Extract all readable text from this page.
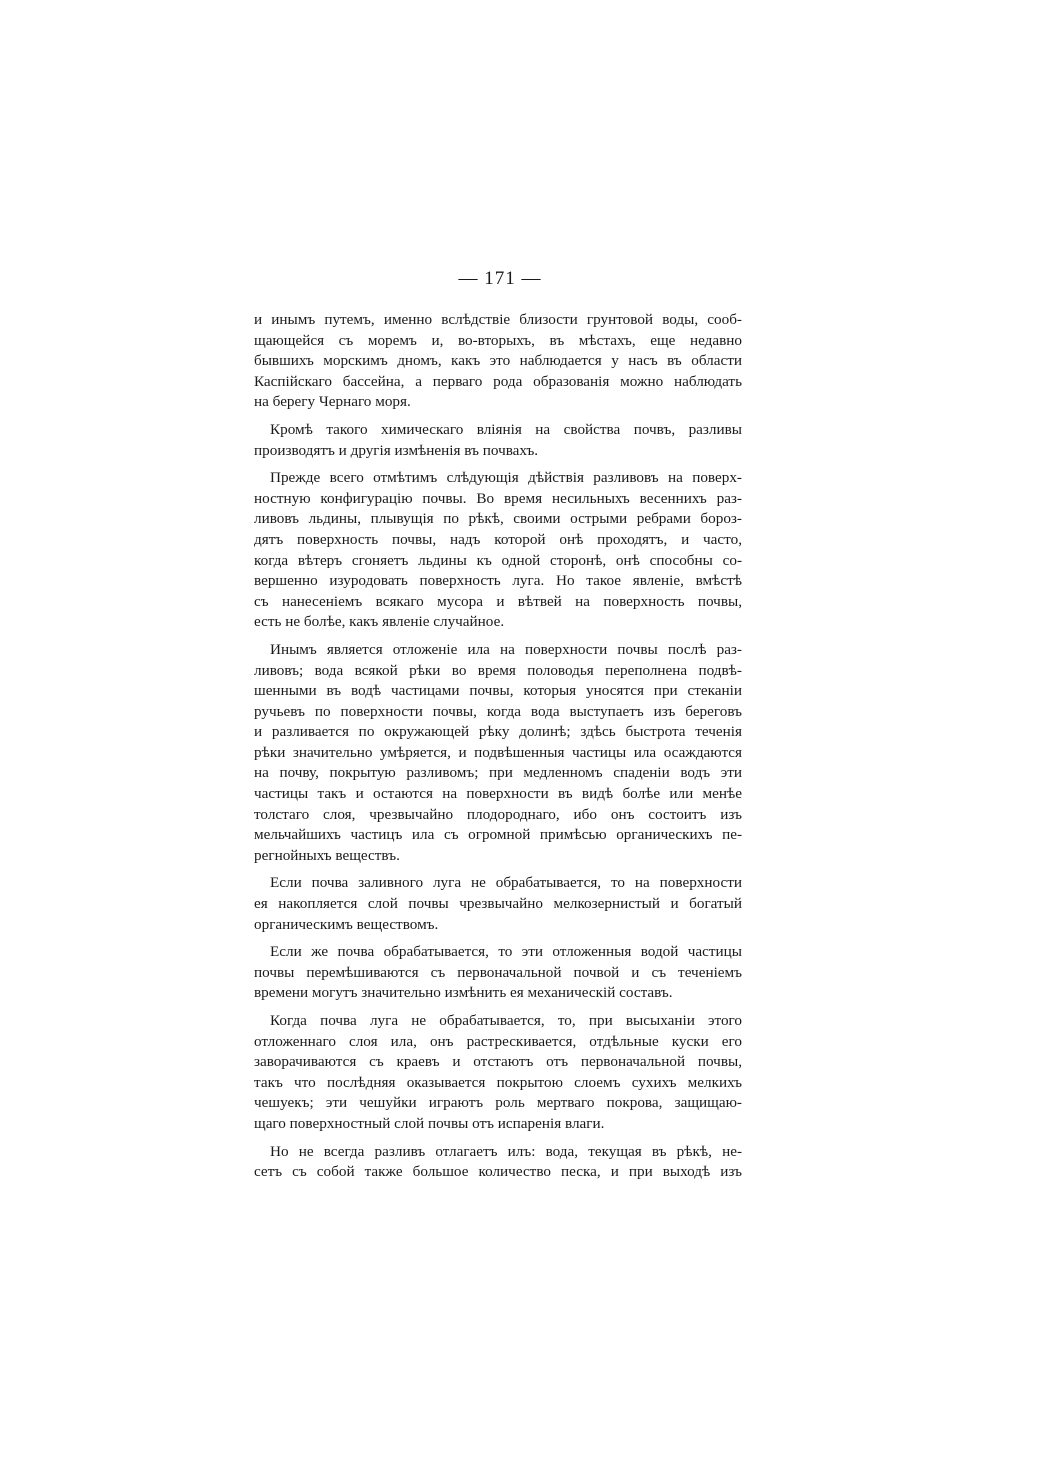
— 171 —
и инымъ путемъ, именно вслѣдствіе близости грунтовой воды, сооб-
щающейся съ моремъ и, во-вторыхъ, въ мѣстахъ, еще недавно
бывшихъ морскимъ дномъ, какъ это наблюдается у насъ въ области
Каспійскаго бассейна, а перваго рода образованія можно наблюдать
на берегу Чернаго моря.
Кромѣ такого химическаго вліянія на свойства почвъ, разливы
производятъ и другія измѣненія въ почвахъ.
Прежде всего отмѣтимъ слѣдующія дѣйствія разливовъ на поверх-
ностную конфигурацію почвы. Во время несильныхъ весеннихъ раз-
ливовъ льдины, плывущія по рѣкѣ, своими острыми ребрами бороз-
дятъ поверхность почвы, надъ которой онѣ проходятъ, и часто,
когда вѣтеръ сгоняетъ льдины къ одной сторонѣ, онѣ способны со-
вершенно изуродовать поверхность луга. Но такое явленіе, вмѣстѣ
съ нанесеніемъ всякаго мусора и вѣтвей на поверхность почвы,
есть не болѣе, какъ явленіе случайное.
Инымъ является отложеніе ила на поверхности почвы послѣ раз-
ливовъ; вода всякой рѣки во время половодья переполнена подвѣ-
шенными въ водѣ частицами почвы, которыя уносятся при стеканіи
ручьевъ по поверхности почвы, когда вода выступаетъ изъ береговъ
и разливается по окружающей рѣку долинѣ; здѣсь быстрота теченія
рѣки значительно умѣряется, и подвѣшенныя частицы ила осаждаются
на почву, покрытую разливомъ; при медленномъ спаденіи водъ эти
частицы такъ и остаются на поверхности въ видѣ болѣе или менѣе
толстаго слоя, чрезвычайно плодороднаго, ибо онъ состоитъ изъ
мельчайшихъ частицъ ила съ огромной примѣсью органическихъ пе-
регнойныхъ веществъ.
Если почва заливного луга не обрабатывается, то на поверхности
ея накопляется слой почвы чрезвычайно мелкозернистый и богатый
органическимъ веществомъ.
Если же почва обрабатывается, то эти отложенныя водой частицы
почвы перемѣшиваются съ первоначальной почвой и съ теченіемъ
времени могутъ значительно измѣнить ея механическій составъ.
Когда почва луга не обрабатывается, то, при высыханіи этого
отложеннаго слоя ила, онъ растрескивается, отдѣльные куски его
заворачиваются съ краевъ и отстаютъ отъ первоначальной почвы,
такъ что послѣдняя оказывается покрытою слоемъ сухихъ мелкихъ
чешуекъ; эти чешуйки играютъ роль мертваго покрова, защищаю-
щаго поверхностный слой почвы отъ испаренія влаги.
Но не всегда разливъ отлагаетъ илъ: вода, текущая въ рѣкѣ, не-
сетъ съ собой также большое количество песка, и при выходѣ изъ
